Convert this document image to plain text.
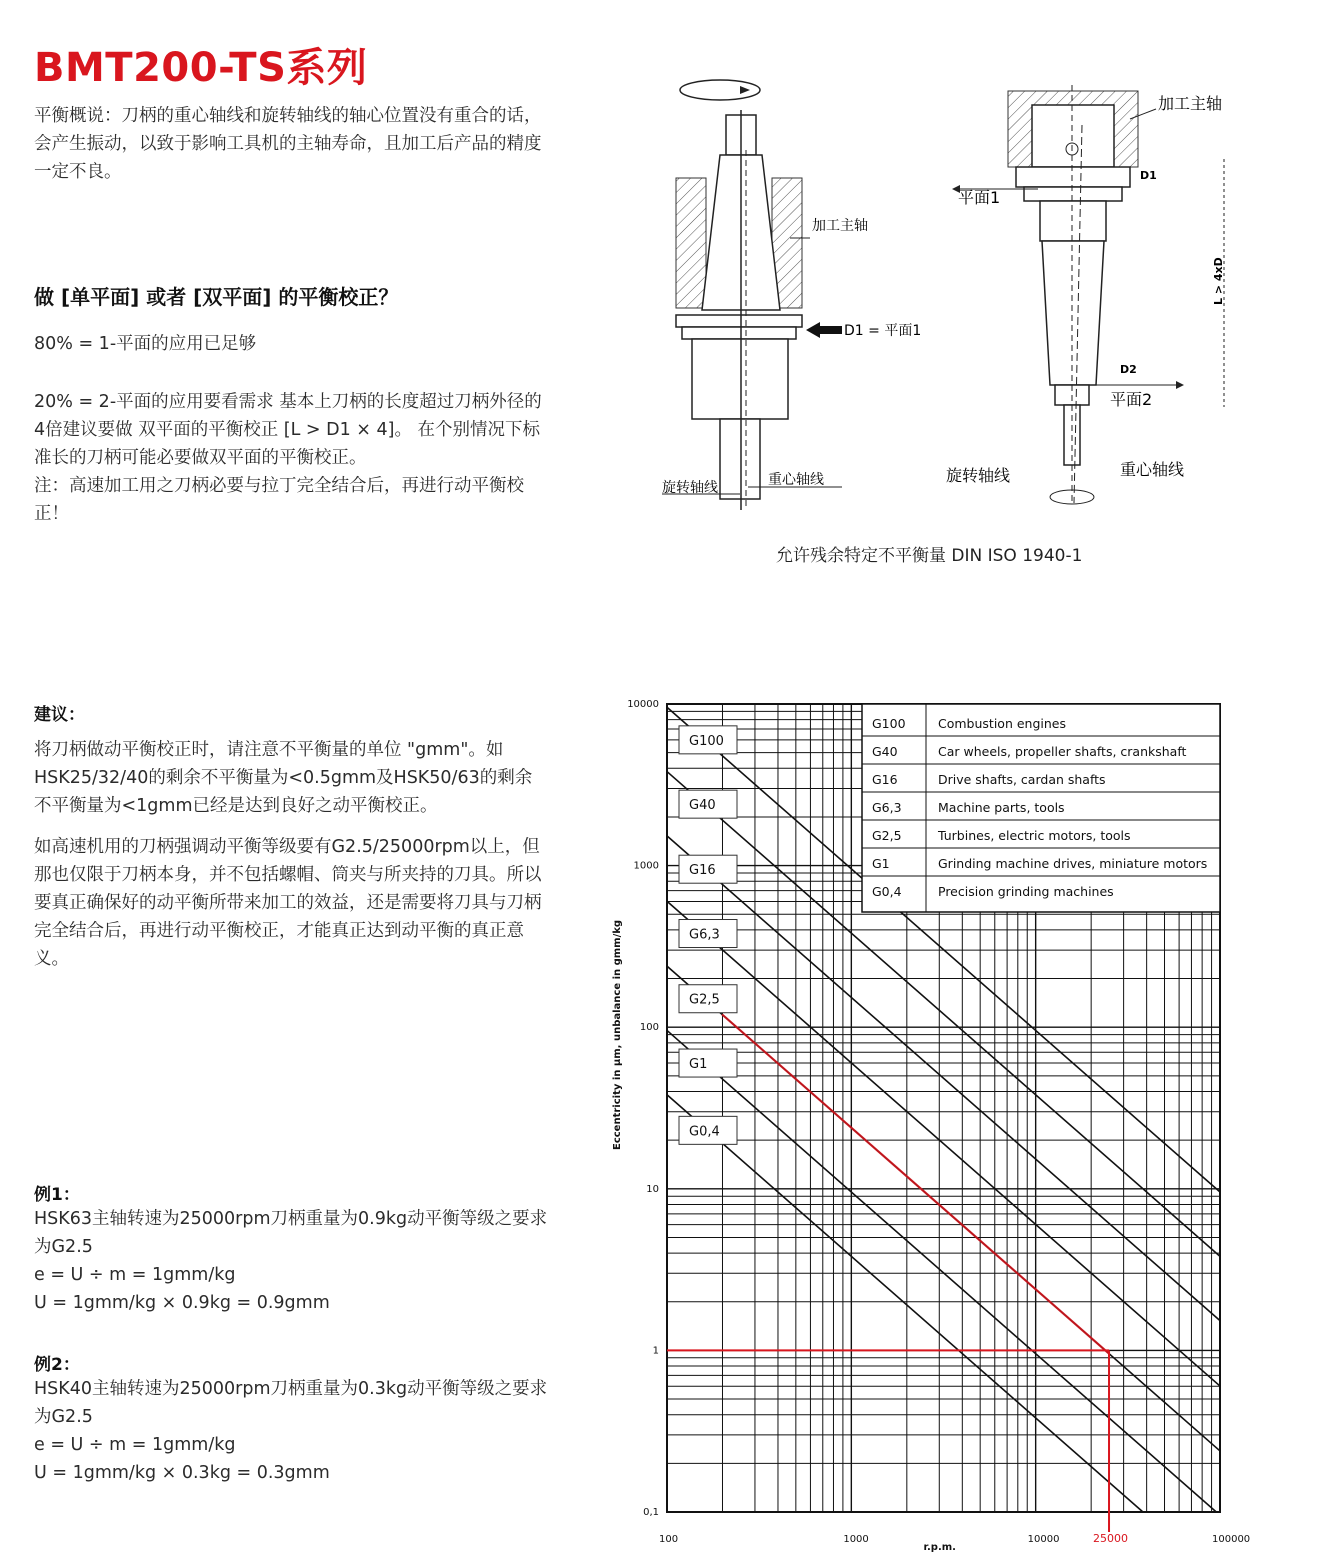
BMT200-TS系列

平衡概说：刀柄的重心轴线和旋转轴线的轴心位置没有重合的话，会产生振动，以致于影响工具机的主轴寿命，且加工后产品的精度一定不良。

做 [单平面] 或者 [双平面] 的平衡校正？

80% = 1-平面的应用已足够

20% = 2-平面的应用要看需求 基本上刀柄的长度超过刀柄外径的4倍建议要做 双平面的平衡校正 [L > D1 × 4]。 在个别情况下标准长的刀柄可能必要做双平面的平衡校正。

注：高速加工用之刀柄必要与拉丁完全结合后，再进行动平衡校正！

建议：

将刀柄做动平衡校正时，请注意不平衡量的单位 "gmm"。如HSK25/32/40的剩余不平衡量为<0.5gmm及HSK50/63的剩余不平衡量为<1gmm已经是达到良好之动平衡校正。

如高速机用的刀柄强调动平衡等级要有G2.5/25000rpm以上，但那也仅限于刀柄本身，并不包括螺帽、筒夹与所夹持的刀具。所以要真正确保好的动平衡所带来加工的效益，还是需要将刀具与刀柄完全结合后，再进行动平衡校正，才能真正达到动平衡的真正意义。

例1：

HSK63主轴转速为25000rpm刀柄重量为0.9kg动平衡等级之要求为G2.5

e = U ÷ m = 1gmm/kg

U = 1gmm/kg × 0.9kg = 0.9gmm

例2：

HSK40主轴转速为25000rpm刀柄重量为0.3kg动平衡等级之要求为G2.5

e = U ÷ m = 1gmm/kg

U = 1gmm/kg × 0.3kg = 0.3gmm

加工主轴
D1 = 平面1
旋转轴线	重心轴线
平面1
D1
D2
平面2
L > 4xD
加工主轴
旋转轴线	重心轴线
允许残余特定不平衡量 DIN ISO 1940-1
25000
G100
G40
G16
G6,3
G2,5
G1
G0,4
100	1000	10000	100000
0,1
1
10
100
1000
10000
r.p.m.
Eccentricity in µm, unbalance in gmm/kg
G100	Combustion engines
G40	Car wheels, propeller shafts, crankshaft
G16	Drive shafts, cardan shafts
G6,3	Machine parts, tools
G2,5	Turbines, electric motors, tools
G1	Grinding machine drives, miniature motors
G0,4	Precision grinding machines
